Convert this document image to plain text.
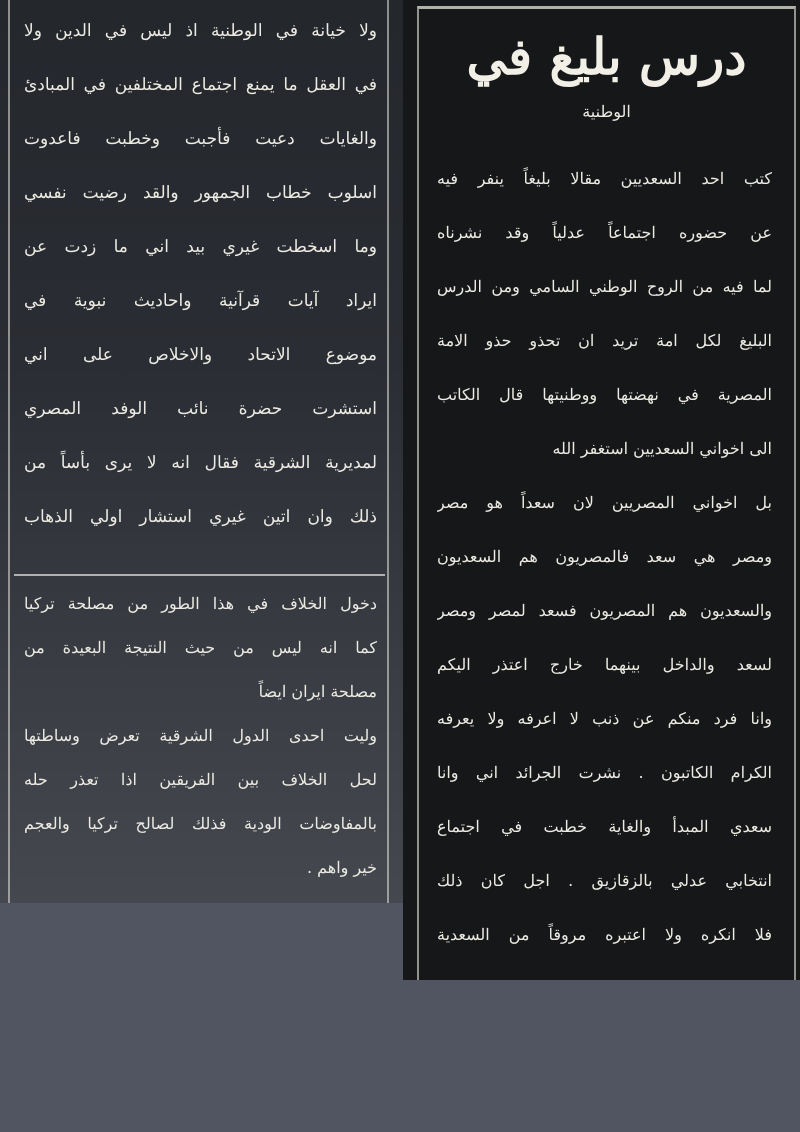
ولا خيانة في الوطنية اذ ليس في الدين ولا
في العقل ما يمنع اجتماع المختلفين في المبادئ
والغايات دعيت فأجبت وخطبت فاعدوت
اسلوب خطاب الجمهور والقد رضيت نفسي
وما اسخطت غيري بيد اني ما زدت عن
ايراد آيات قرآنية واحاديث نبوية في
موضوع الاتحاد والاخلاص على اني
استشرت حضرة نائب الوفد المصري
لمديرية الشرقية فقال انه لا يرى بأساً من
ذلك وان اتين غيري استشار اولي الذهاب
دخول الخلاف في هذا الطور من مصلحة تركيا
كما انه ليس من حيث النتيجة البعيدة من
مصلحة ايران ايضاً
وليت احدى الدول الشرقية تعرض وساطتها
لحل الخلاف بين الفريقين اذا تعذر حله
بالمفاوضات الودية فذلك لصالح تركيا والعجم
خير واهم .
درس بليغ في
الوطنية
كتب احد السعديين مقالا بليغاً ينفر فيه
عن حضوره اجتماعاً عدلياً وقد نشرناه
لما فيه من الروح الوطني السامي ومن الدرس
البليغ لكل امة تريد ان تحذو حذو الامة
المصرية في نهضتها ووطنيتها قال الكاتب
الى اخواني السعديين استغفر الله
بل اخواني المصريين لان سعداً هو مصر
ومصر هي سعد فالمصريون هم السعديون
والسعديون هم المصريون فسعد لمصر ومصر
لسعد والداخل بينهما خارج اعتذر اليكم
وانا فرد منكم عن ذنب لا اعرفه ولا يعرفه
الكرام الكاتبون . نشرت الجرائد اني وانا
سعدي المبدأ والغاية خطبت في اجتماع
انتخابي عدلي بالزقازيق . اجل كان ذلك
فلا انكره ولا اعتبره مروقاً من السعدية
